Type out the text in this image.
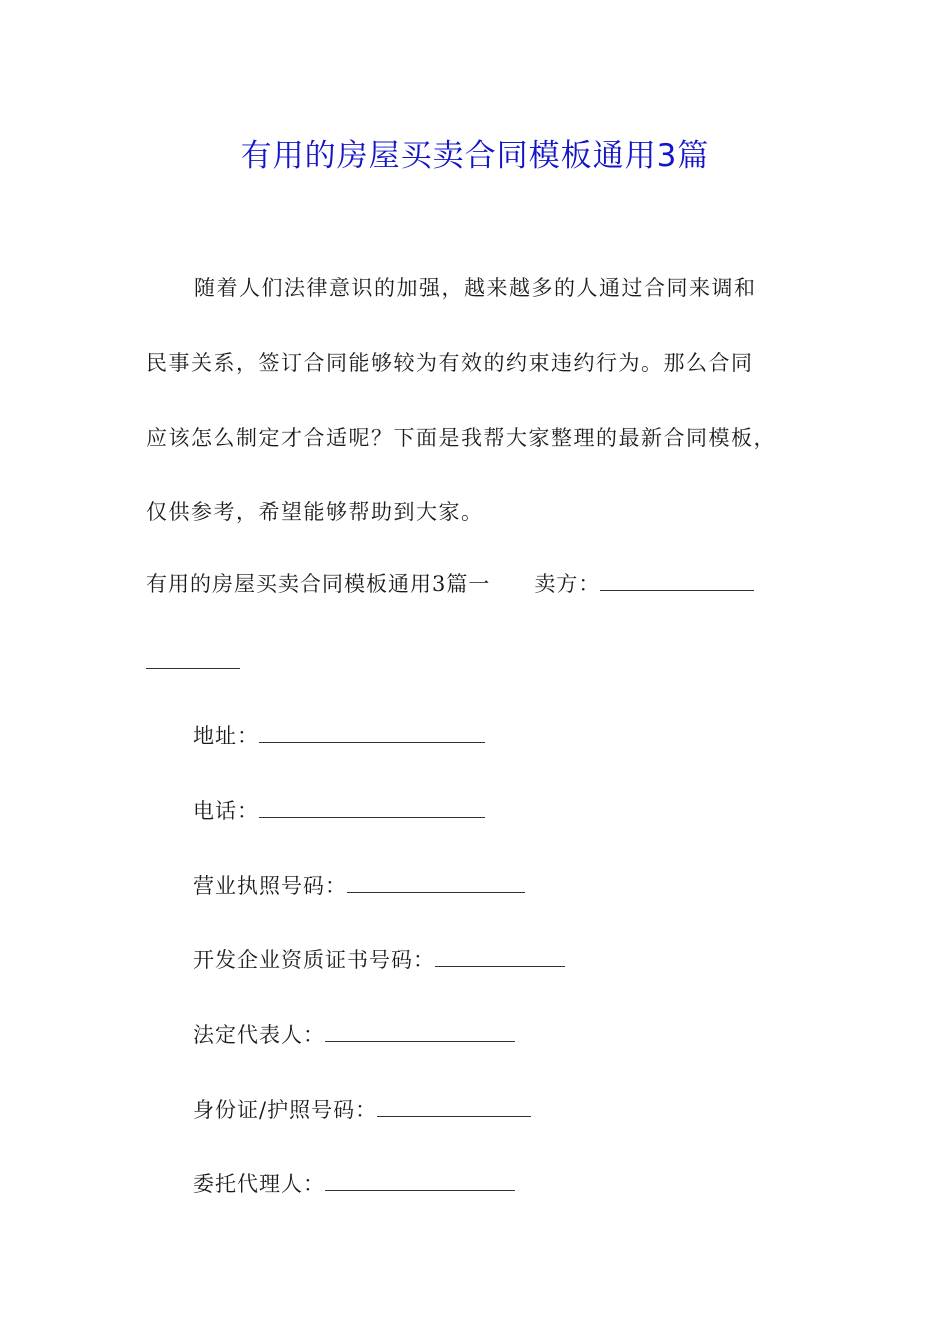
有用的房屋买卖合同模板通用3篇
随着人们法律意识的加强，越来越多的人通过合同来调和
民事关系，签订合同能够较为有效的约束违约行为。那么合同
应该怎么制定才合适呢？下面是我帮大家整理的最新合同模板，
仅供参考，希望能够帮助到大家。
有用的房屋买卖合同模板通用3篇一 卖方：
地址：
电话：
营业执照号码：
开发企业资质证书号码：
法定代表人：
身份证/护照号码：
委托代理人：
